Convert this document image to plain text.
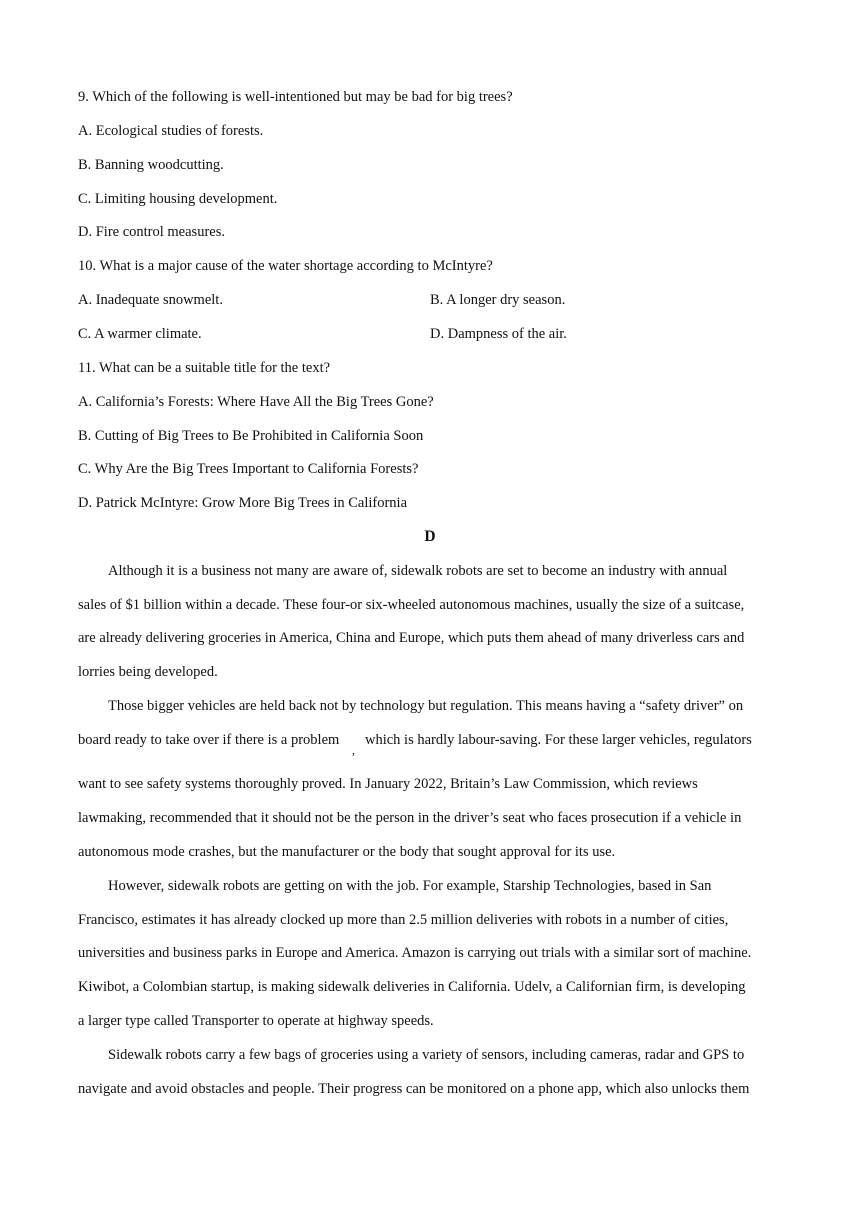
9. Which of the following is well-intentioned but may be bad for big trees?
A. Ecological studies of forests.
B. Banning woodcutting.
C. Limiting housing development.
D. Fire control measures.
10. What is a major cause of the water shortage according to McIntyre?
A. Inadequate snowmelt.	B. A longer dry season.
C. A warmer climate.	D. Dampness of the air.
11. What can be a suitable title for the text?
A. California’s Forests: Where Have All the Big Trees Gone?
B. Cutting of Big Trees to Be Prohibited in California Soon
C. Why Are the Big Trees Important to California Forests?
D. Patrick McIntyre: Grow More Big Trees in California
D
Although it is a business not many are aware of, sidewalk robots are set to become an industry with annual
sales of $1 billion within a decade. These four-or six-wheeled autonomous machines, usually the size of a suitcase,
are already delivering groceries in America, China and Europe, which puts them ahead of many driverless cars and
lorries being developed.
Those bigger vehicles are held back not by technology but regulation. This means having a “safety driver” on
board ready to take over if there is a problem
,
which is hardly labour-saving. For these larger vehicles, regulators
want to see safety systems thoroughly proved. In January 2022, Britain’s Law Commission, which reviews
lawmaking, recommended that it should not be the person in the driver’s seat who faces prosecution if a vehicle in
autonomous mode crashes, but the manufacturer or the body that sought approval for its use.
However, sidewalk robots are getting on with the job. For example, Starship Technologies, based in San
Francisco, estimates it has already clocked up more than 2.5 million deliveries with robots in a number of cities,
universities and business parks in Europe and America. Amazon is carrying out trials with a similar sort of machine.
Kiwibot, a Colombian startup, is making sidewalk deliveries in California. Udelv, a Californian firm, is developing
a larger type called Transporter to operate at highway speeds.
Sidewalk robots carry a few bags of groceries using a variety of sensors, including cameras, radar and GPS to
navigate and avoid obstacles and people. Their progress can be monitored on a phone app, which also unlocks them
